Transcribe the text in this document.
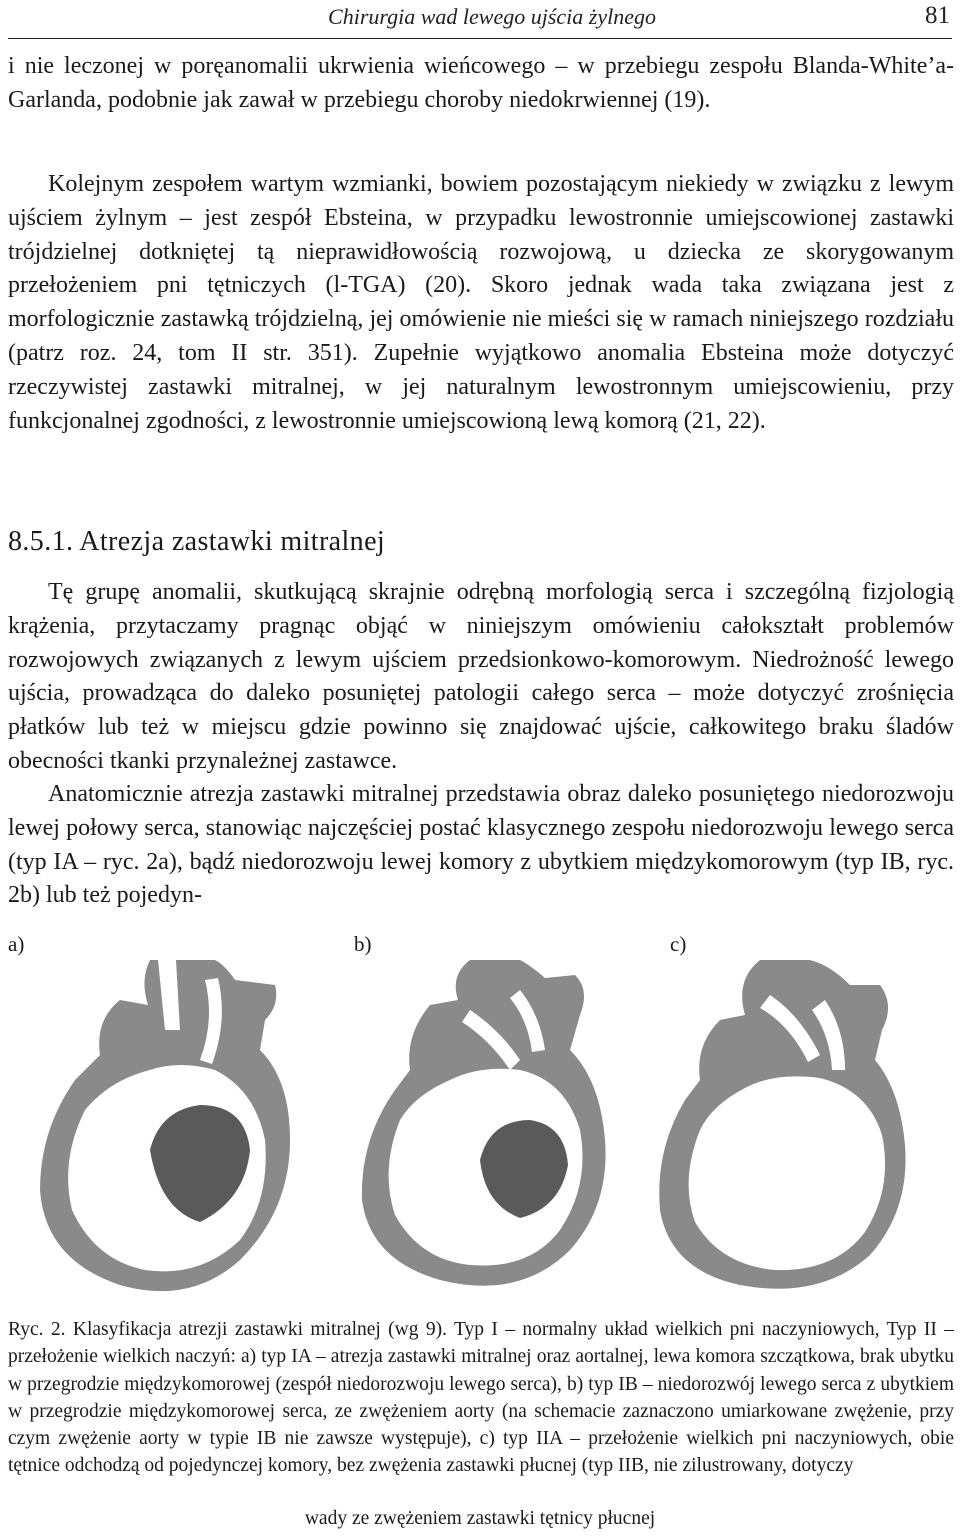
Chirurgia wad lewego ujścia żylnego	81

i nie leczonej w poręanomalii ukrwienia wieńcowego – w przebiegu zespołu Blanda-White’a-Garlanda, podobnie jak zawał w przebiegu choroby niedokrwiennej (19).

Kolejnym zespołem wartym wzmianki, bowiem pozostającym niekiedy w związku z lewym ujściem żylnym – jest zespół Ebsteina, w przypadku lewostronnie umiejscowionej zastawki trójdzielnej dotkniętej tą nieprawidłowością rozwojową, u dziecka ze skorygowanym przełożeniem pni tętniczych (l-TGA) (20). Skoro jednak wada taka związana jest z morfologicznie zastawką trójdzielną, jej omówienie nie mieści się w ramach niniejszego rozdziału (patrz roz. 24, tom II str. 351). Zupełnie wyjątkowo anomalia Ebsteina może dotyczyć rzeczywistej zastawki mitralnej, w jej naturalnym lewostronnym umiejscowieniu, przy funkcjonalnej zgodności, z lewostronnie umiejscowioną lewą komorą (21, 22).

8.5.1. Atrezja zastawki mitralnej

Tę grupę anomalii, skutkującą skrajnie odrębną morfologią serca i szczególną fizjologią krążenia, przytaczamy pragnąc objąć w niniejszym omówieniu całokształt problemów rozwojowych związanych z lewym ujściem przedsionkowo-komorowym. Niedrożność lewego ujścia, prowadząca do daleko posuniętej patologii całego serca – może dotyczyć zrośnięcia płatków lub też w miejscu gdzie powinno się znajdować ujście, całkowitego braku śladów obecności tkanki przynależnej zastawce.

Anatomicznie atrezja zastawki mitralnej przedstawia obraz daleko posuniętego niedorozwoju lewej połowy serca, stanowiąc najczęściej postać klasycznego zespołu niedorozwoju lewego serca (typ IA – ryc. 2a), bądź niedorozwoju lewej komory z ubytkiem międzykomorowym (typ IB, ryc. 2b) lub też pojedyn-

a)	b)	c)

Ryc. 2. Klasyfikacja atrezji zastawki mitralnej (wg 9). Typ I – normalny układ wielkich pni naczyniowych, Typ II – przełożenie wielkich naczyń: a) typ IA – atrezja zastawki mitralnej oraz aortalnej, lewa komora szczątkowa, brak ubytku w przegrodzie międzykomorowej (zespół niedorozwoju lewego serca), b) typ IB – niedorozwój lewego serca z ubytkiem w przegrodzie międzykomorowej serca, ze zwężeniem aorty (na schemacie zaznaczono umiarkowane zwężenie, przy czym zwężenie aorty w typie IB nie zawsze występuje), c) typ IIA – przełożenie wielkich pni naczyniowych, obie tętnice odchodzą od pojedynczej komory, bez zwężenia zastawki płucnej (typ IIB, nie zilustrowany, dotyczy

wady ze zwężeniem zastawki tętnicy płucnej
